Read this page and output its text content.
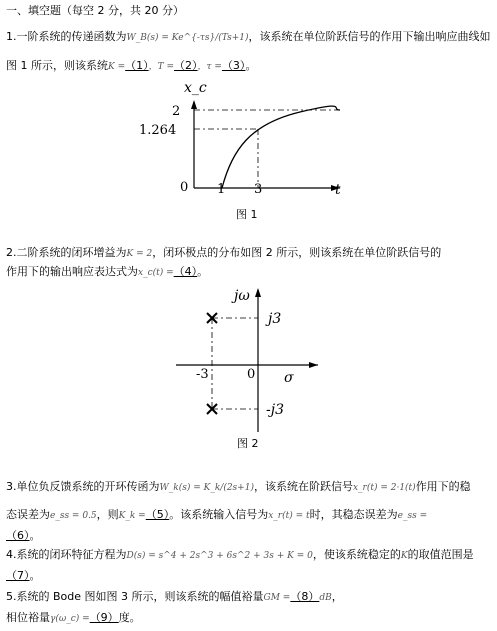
一、填空题（每空 2 分，共 20 分）
1.一阶系统的传递函数为W_B(s) = Ke^{-τs}/(Ts+1)，该系统在单位阶跃信号的作用下输出响应曲线如
图 1 所示，则该系统K =（1），T =（2），τ =（3）。
x_c
2
1.264
0 1 3	t
jω
j3
-j3
-3	0 σ
图 1
2.二阶系统的闭环增益为K = 2，闭环极点的分布如图 2 所示，则该系统在单位阶跃信号的
作用下的输出响应表达式为x_c(t) =（4）。
图 2
3.单位负反馈系统的开环传函为W_k(s) = K_k/(2s+1)，该系统在阶跃信号x_r(t) = 2·1(t)作用下的稳
态误差为e_ss = 0.5，则K_k =（5）。该系统输入信号为x_r(t) = t时，其稳态误差为e_ss =
（6）。
4.系统的闭环特征方程为D(s) = s^4 + 2s^3 + 6s^2 + 3s + K = 0，使该系统稳定的K的取值范围是
（7）。
5.系统的 Bode 图如图 3 所示，则该系统的幅值裕量GM =（8）dB，
相位裕量γ(ω_c) =（9）度。
